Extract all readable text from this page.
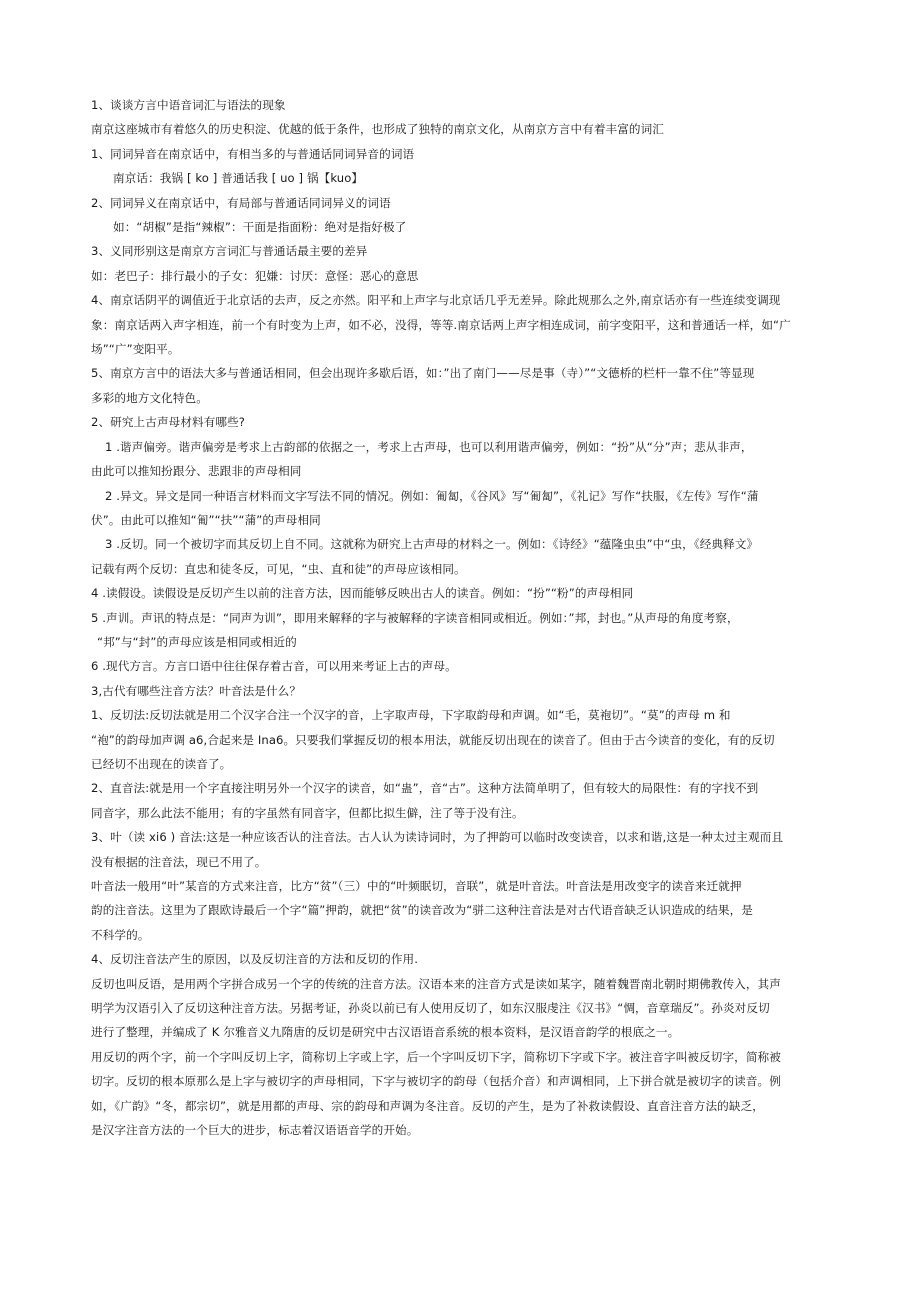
1、谈谈方言中语音词汇与语法的现象
南京这座城市有着悠久的历史积淀、优越的低于条件，也形成了独特的南京文化，从南京方言中有着丰富的词汇
1、同词异音在南京话中，有相当多的与普通话同词异音的词语
南京话：我锅 [ ko ] 普通话我 [ uo ] 锅【kuo】
2、同词异义在南京话中，有局部与普通话同词异义的词语
如：“胡椒”是指“辣椒”：干面是指面粉：绝对是指好极了
3、义同形别这是南京方言词汇与普通话最主要的差异
如：老巴子：排行最小的子女：犯嫌：讨厌：意怪：恶心的意思
4、南京话阴平的调值近于北京话的去声，反之亦然。阳平和上声字与北京话几乎无差异。除此规那么之外,南京话亦有一些连续变调现
象：南京话两入声字相连，前一个有时变为上声，如不必，没得，等等.南京话两上声字相连成词，前字变阳平，这和普通话一样，如“广
场”“广”变阳平。
5、南京方言中的语法大多与普通话相同，但会出现许多歇后语，如：”出了南门——尽是事（寺）”“文德桥的栏杆一靠不住”等显现
多彩的地方文化特色。
2、研究上古声母材料有哪些?
1 .谐声偏旁。谐声偏旁是考求上古韵部的依据之一，考求上古声母，也可以利用谐声偏旁，例如：“扮”从“分”声；悲从非声，
由此可以推知扮跟分、悲跟非的声母相同
2 .异文。异文是同一种语言材料而文字写法不同的情况。例如：匍匐，《谷风》写“匍匐”，《礼记》写作“扶服，《左传》写作“蒲
伏”。由此可以推知“匍”“扶”“蒲”的声母相同
3 .反切。同一个被切字而其反切上自不同。这就称为研究上古声母的材料之一。例如：《诗经》“蕴隆虫虫”中“虫，《经典释文》
记载有两个反切：直忠和徒冬反，可见，“虫、直和徒”的声母应该相同。
4 .读假设。读假设是反切产生以前的注音方法，因而能够反映出古人的读音。例如：“扮”“粉”的声母相同
5 .声训。声讯的特点是：“同声为训”，即用来解释的字与被解释的字读音相同或相近。例如：”邦，封也。”从声母的角度考察，
“邦”与“封”的声母应该是相同或相近的
6 .现代方言。方言口语中往往保存着古音，可以用来考证上古的声母。
3,古代有哪些注音方法？叶音法是什么？
1、反切法:反切法就是用二个汉字合注一个汉字的音，上字取声母，下字取韵母和声调。如“毛，莫袍切”。“莫”的声母 m 和
“袍”的韵母加声调 a6,合起来是 Ina6。只要我们掌握反切的根本用法，就能反切出现在的读音了。但由于古今读音的变化，有的反切
已经切不出现在的读音了。
2、直音法:就是用一个字直接注明另外一个汉字的读音，如“蛊”，音“古”。这种方法简单明了，但有较大的局限性：有的字找不到
同音字，那么此法不能用；有的字虽然有同音字，但都比拟生僻，注了等于没有注。
3、叶（读 xi6 ) 音法:这是一种应该否认的注音法。古人认为读诗词时，为了押韵可以临时改变读音，以求和谐,这是一种太过主观而且
没有根据的注音法，现已不用了。
叶音法一般用“叶”某音的方式来注音，比方“贫”（三）中的“叶频眠切，音联”，就是叶音法。叶音法是用改变字的读音来迁就押
韵的注音法。这里为了跟欧诗最后一个字“篇”押韵，就把“贫”的读音改为“骈二这种注音法是对古代语音缺乏认识造成的结果，是
不科学的。
4、反切注音法产生的原因，以及反切注音的方法和反切的作用.
反切也叫反语，是用两个字拼合成另一个字的传统的注音方法。汉语本来的注音方式是读如某字，随着魏晋南北朝时期佛教传入，其声
明学为汉语引入了反切这种注音方法。另据考证，孙炎以前已有人使用反切了，如东汉服虔注《汉书》“惆，音章瑞反”。孙炎对反切
进行了整理，并编成了 K 尔雅音义九隋唐的反切是研究中古汉语语音系统的根本资料，是汉语音韵学的根底之一。
用反切的两个字，前一个字叫反切上字，简称切上字或上字，后一个字叫反切下字，简称切下字或下字。被注音字叫被反切字，简称被
切字。反切的根本原那么是上字与被切字的声母相同，下字与被切字的韵母（包括介音）和声调相同，上下拼合就是被切字的读音。例
如，《广韵》“冬，都宗切”，就是用都的声母、宗的韵母和声调为冬注音。反切的产生，是为了补救读假设、直音注音方法的缺乏，
是汉字注音方法的一个巨大的进步，标志着汉语语音学的开始。
